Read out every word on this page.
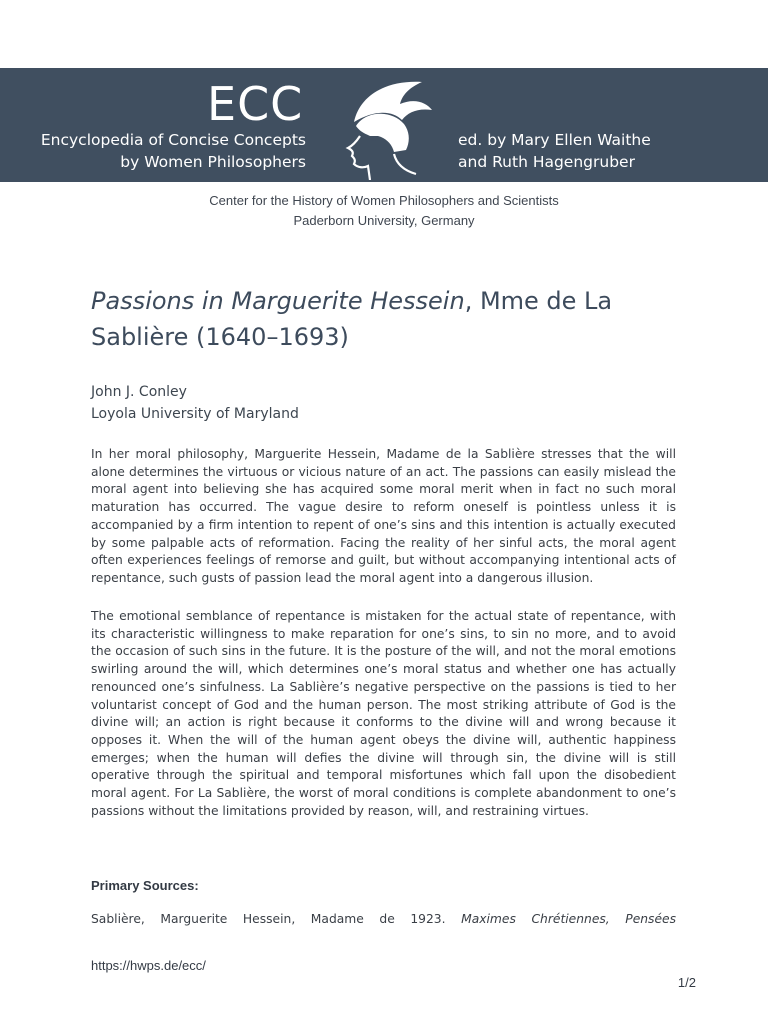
ECC
Encyclopedia of Concise Concepts
by Women Philosophers
ed. by Mary Ellen Waithe
and Ruth Hagengruber
Center for the History of Women Philosophers and Scientists
Paderborn University, Germany
Passions in Marguerite Hessein, Mme de La Sablière (1640–1693)
John J. Conley
Loyola University of Maryland

In her moral philosophy, Marguerite Hessein, Madame de la Sablière stresses that the will alone determines the virtuous or vicious nature of an act. The passions can easily mislead the moral agent into believing she has acquired some moral merit when in fact no such moral maturation has occurred. The vague desire to reform oneself is pointless unless it is accompanied by a firm intention to repent of one’s sins and this intention is actually executed by some palpable acts of reformation. Facing the reality of her sinful acts, the moral agent often experiences feelings of remorse and guilt, but without accompanying intentional acts of repentance, such gusts of passion lead the moral agent into a dangerous illusion.

The emotional semblance of repentance is mistaken for the actual state of repentance, with its characteristic willingness to make reparation for one’s sins, to sin no more, and to avoid the occasion of such sins in the future. It is the posture of the will, and not the moral emotions swirling around the will, which determines one’s moral status and whether one has actually renounced one’s sinfulness. La Sablière’s negative perspective on the passions is tied to her voluntarist concept of God and the human person. The most striking attribute of God is the divine will; an action is right because it conforms to the divine will and wrong because it opposes it. When the will of the human agent obeys the divine will, authentic happiness emerges; when the human will defies the divine will through sin, the divine will is still operative through the spiritual and temporal misfortunes which fall upon the disobedient moral agent. For La Sablière, the worst of moral conditions is complete abandonment to one’s passions without the limitations provided by reason, will, and restraining virtues.

Primary Sources:
Sablière, Marguerite Hessein, Madame de 1923. Maximes Chrétiennes, Pensées
https://hwps.de/ecc/
1/2
